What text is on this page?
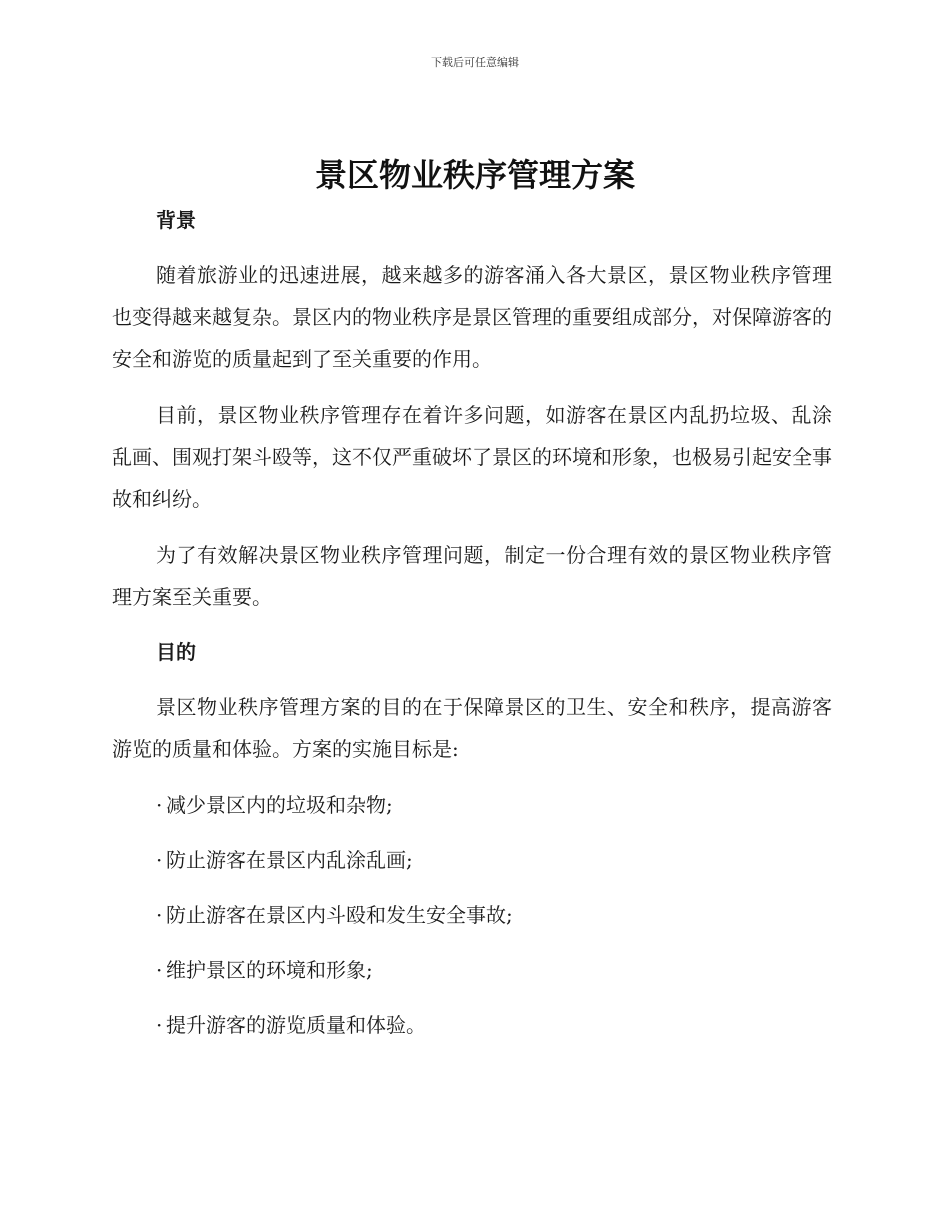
下载后可任意编辑
景区物业秩序管理方案
背景

随着旅游业的迅速进展，越来越多的游客涌入各大景区，景区物业秩序管理也变得越来越复杂。景区内的物业秩序是景区管理的重要组成部分，对保障游客的安全和游览的质量起到了至关重要的作用。

目前，景区物业秩序管理存在着许多问题，如游客在景区内乱扔垃圾、乱涂乱画、围观打架斗殴等，这不仅严重破坏了景区的环境和形象，也极易引起安全事故和纠纷。

为了有效解决景区物业秩序管理问题，制定一份合理有效的景区物业秩序管理方案至关重要。

目的

景区物业秩序管理方案的目的在于保障景区的卫生、安全和秩序，提高游客游览的质量和体验。方案的实施目标是:

· 减少景区内的垃圾和杂物;
· 防止游客在景区内乱涂乱画;
· 防止游客在景区内斗殴和发生安全事故;
· 维护景区的环境和形象;
· 提升游客的游览质量和体验。
